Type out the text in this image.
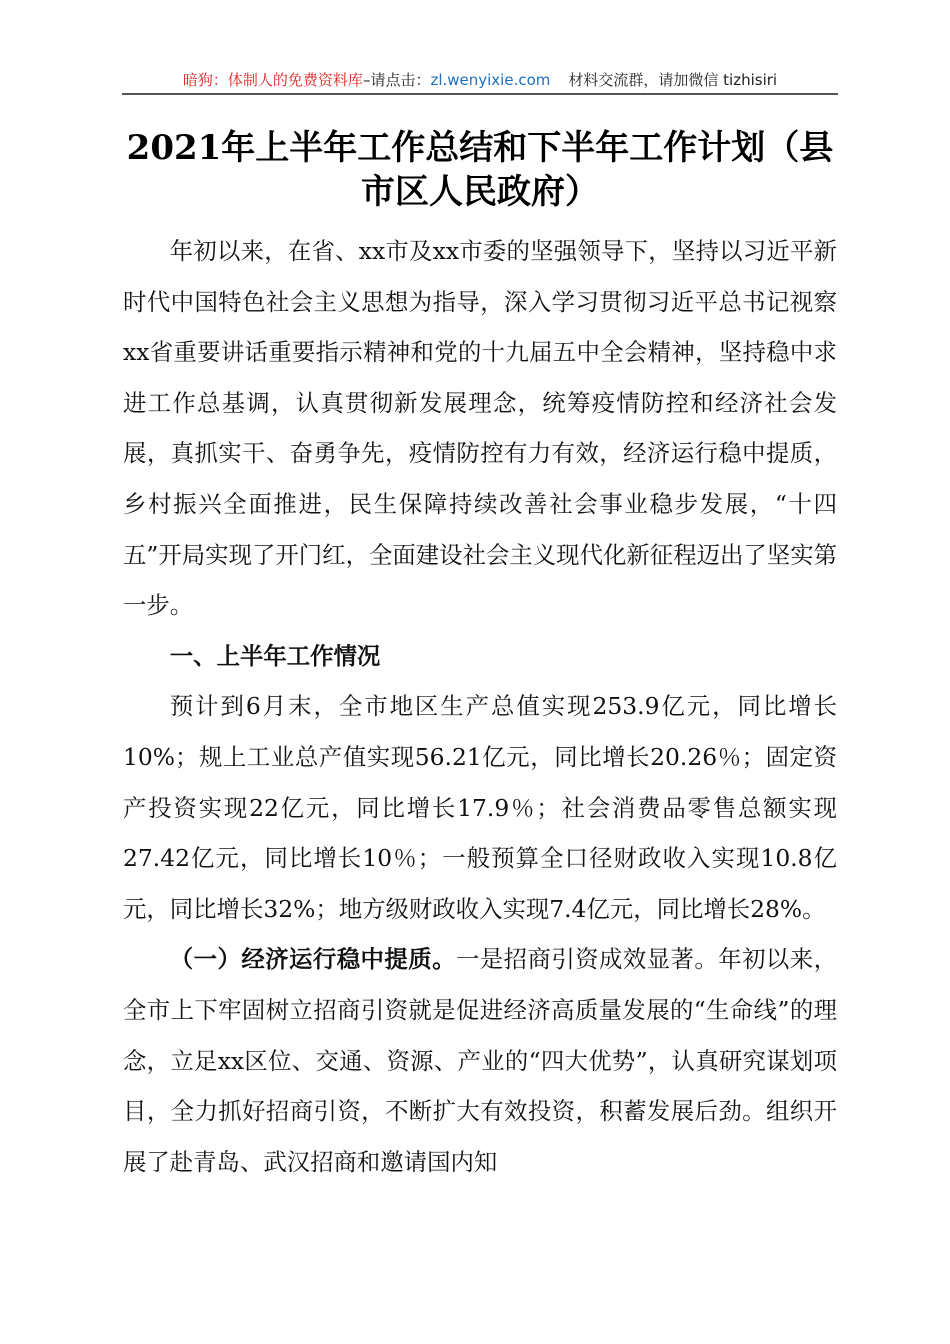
暗狗：体制人的免费资料库–请点击：zl.wenyixie.com 材料交流群，请加微信 tizhisiri
2021年上半年工作总结和下半年工作计划（县市区人民政府）

年初以来，在省、xx市及xx市委的坚强领导下，坚持以习近平新时代中国特色社会主义思想为指导，深入学习贯彻习近平总书记视察xx省重要讲话重要指示精神和党的十九届五中全会精神，坚持稳中求进工作总基调，认真贯彻新发展理念，统筹疫情防控和经济社会发展，真抓实干、奋勇争先，疫情防控有力有效，经济运行稳中提质，乡村振兴全面推进，民生保障持续改善社会事业稳步发展，“十四五”开局实现了开门红，全面建设社会主义现代化新征程迈出了坚实第一步。

一、上半年工作情况

预计到6月末，全市地区生产总值实现253.9亿元，同比增长10%；规上工业总产值实现56.21亿元，同比增长20.26％；固定资产投资实现22亿元，同比增长17.9％；社会消费品零售总额实现27.42亿元，同比增长10％；一般预算全口径财政收入实现10.8亿元，同比增长32%；地方级财政收入实现7.4亿元，同比增长28%。

（一）经济运行稳中提质。一是招商引资成效显著。年初以来，全市上下牢固树立招商引资就是促进经济高质量发展的“生命线”的理念，立足xx区位、交通、资源、产业的“四大优势”，认真研究谋划项目，全力抓好招商引资，不断扩大有效投资，积蓄发展后劲。组织开展了赴青岛、武汉招商和邀请国内知
